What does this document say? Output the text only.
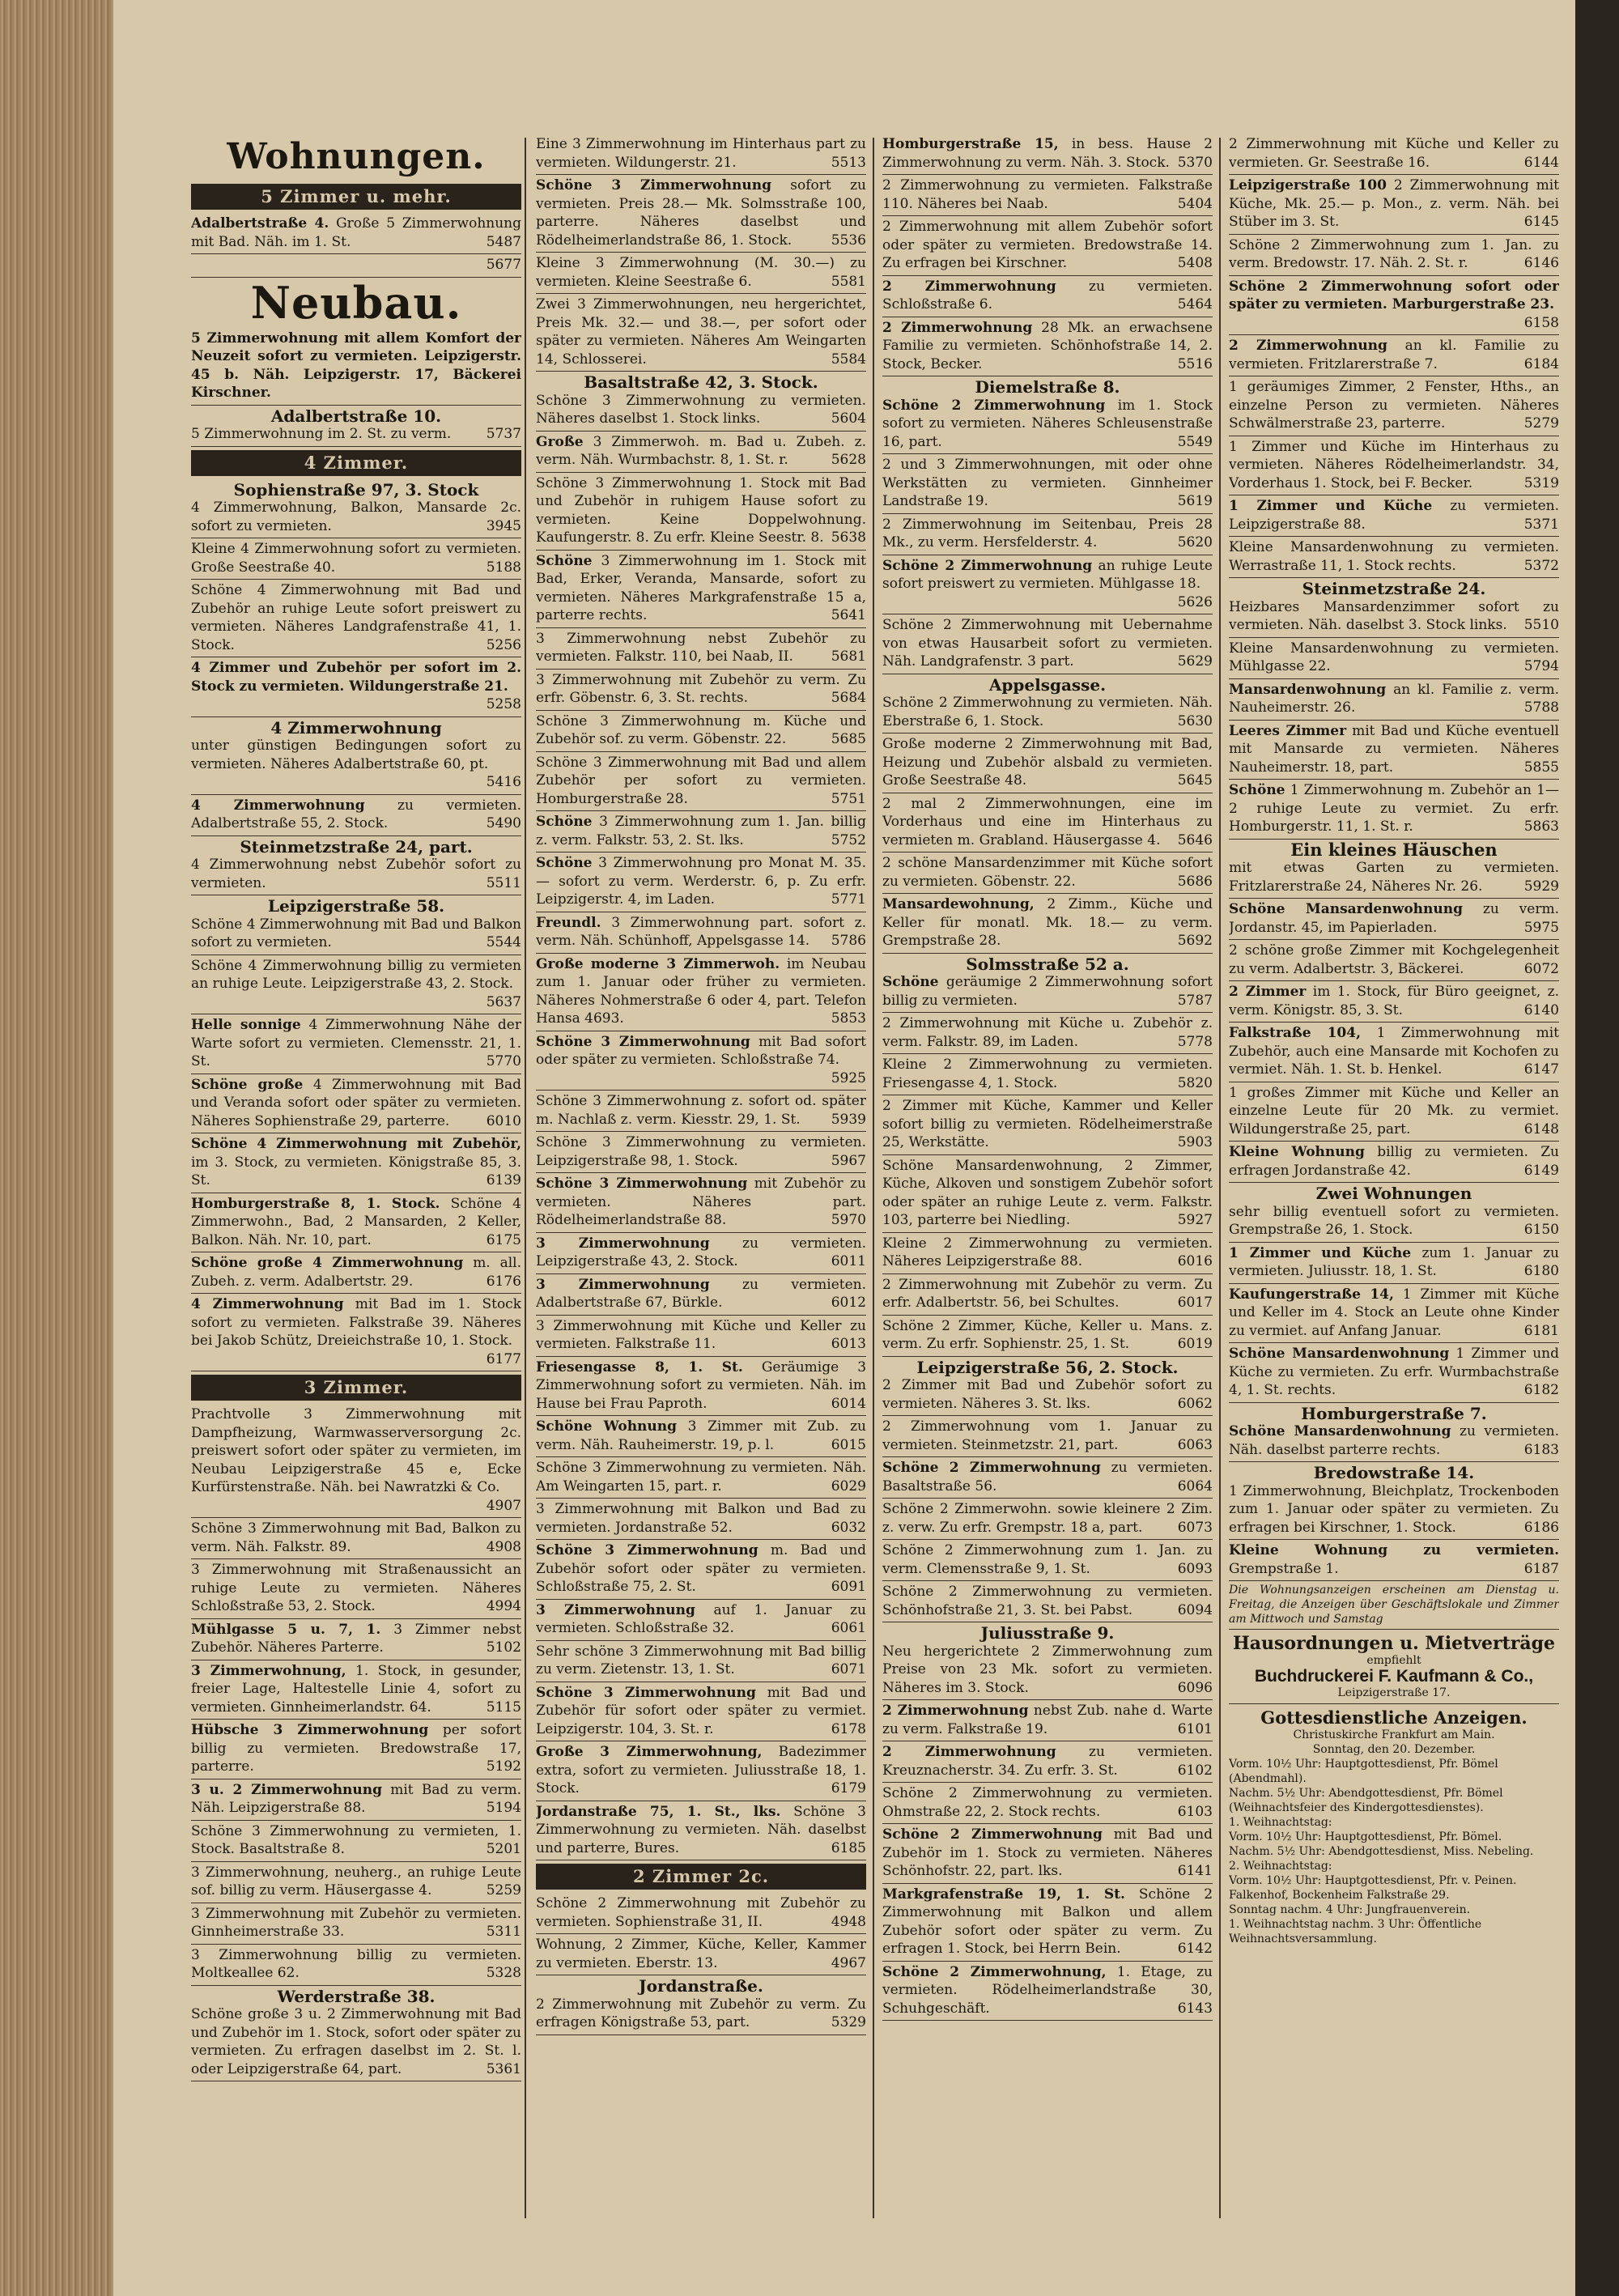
Wohnungen.
5 Zimmer u. mehr.
Adalbertstraße 4. Große 5 Zimmerwohnung mit Bad. Näh. im 1. St.	5487
5677
Neubau.
5 Zimmerwohnung mit allem Komfort der Neuzeit sofort zu vermieten. Leipzigerstr. 45 b. Näh. Leipzigerstr. 17, Bäckerei Kirschner.
Adalbertstraße 10.
5 Zimmerwohnung im 2. St. zu verm.	5737
4 Zimmer.
Sophienstraße 97, 3. Stock
4 Zimmerwohnung, Balkon, Mansarde 2c. sofort zu vermieten.	3945
Kleine 4 Zimmerwohnung sofort zu vermieten. Große Seestraße 40.	5188
Schöne 4 Zimmerwohnung mit Bad und Zubehör an ruhige Leute sofort preiswert zu vermieten. Näheres Landgrafenstraße 41, 1. Stock.	5256
4 Zimmer und Zubehör per sofort im 2. Stock zu vermieten. Wildungerstraße 21.
5258
4 Zimmerwohnung
unter günstigen Bedingungen sofort zu vermieten. Näheres Adalbertstraße 60, pt.
5416
4 Zimmerwohnung zu vermieten. Adalbertstraße 55, 2. Stock.	5490
Steinmetzstraße 24, part.
4 Zimmerwohnung nebst Zubehör sofort zu vermieten.	5511
Leipzigerstraße 58.
Schöne 4 Zimmerwohnung mit Bad und Balkon sofort zu vermieten.	5544
Schöne 4 Zimmerwohnung billig zu vermieten an ruhige Leute. Leipzigerstraße 43, 2. Stock.
5637
Helle sonnige 4 Zimmerwohnung Nähe der Warte sofort zu vermieten. Clemensstr. 21, 1. St.	5770
Schöne große 4 Zimmerwohnung mit Bad und Veranda sofort oder später zu vermieten. Näheres Sophienstraße 29, parterre.	6010
Schöne 4 Zimmerwohnung mit Zubehör, im 3. Stock, zu vermieten. Königstraße 85, 3. St.	6139
Homburgerstraße 8, 1. Stock. Schöne 4 Zimmerwohn., Bad, 2 Mansarden, 2 Keller, Balkon. Näh. Nr. 10, part.	6175
Schöne große 4 Zimmerwohnung m. all. Zubeh. z. verm. Adalbertstr. 29.	6176
4 Zimmerwohnung mit Bad im 1. Stock sofort zu vermieten. Falkstraße 39. Näheres bei Jakob Schütz, Dreieichstraße 10, 1. Stock.
6177
3 Zimmer.
Prachtvolle 3 Zimmerwohnung mit Dampfheizung, Warmwasserversorgung 2c. preiswert sofort oder später zu vermieten, im Neubau Leipzigerstraße 45 e, Ecke Kurfürstenstraße. Näh. bei Nawratzki & Co.
4907
Schöne 3 Zimmerwohnung mit Bad, Balkon zu verm. Näh. Falkstr. 89.	4908
3 Zimmerwohnung mit Straßenaussicht an ruhige Leute zu vermieten. Näheres Schloßstraße 53, 2. Stock.	4994
Mühlgasse 5 u. 7, 1. 3 Zimmer nebst Zubehör. Näheres Parterre.	5102
3 Zimmerwohnung, 1. Stock, in gesunder, freier Lage, Haltestelle Linie 4, sofort zu vermieten. Ginnheimerlandstr. 64.	5115
Hübsche 3 Zimmerwohnung per sofort billig zu vermieten. Bredowstraße 17, parterre.	5192
3 u. 2 Zimmerwohnung mit Bad zu verm. Näh. Leipzigerstraße 88.	5194
Schöne 3 Zimmerwohnung zu vermieten, 1. Stock. Basaltstraße 8.	5201
3 Zimmerwohnung, neuherg., an ruhige Leute sof. billig zu verm. Häusergasse 4.	5259
3 Zimmerwohnung mit Zubehör zu vermieten. Ginnheimerstraße 33.	5311
3 Zimmerwohnung billig zu vermieten. Moltkeallee 62.	5328
Werderstraße 38.
Schöne große 3 u. 2 Zimmerwohnung mit Bad und Zubehör im 1. Stock, sofort oder später zu vermieten. Zu erfragen daselbst im 2. St. l. oder Leipzigerstraße 64, part.	5361
Eine 3 Zimmerwohnung im Hinterhaus part zu vermieten. Wildungerstr. 21.	5513
Schöne 3 Zimmerwohnung sofort zu vermieten. Preis 28.— Mk. Solmsstraße 100, parterre. Näheres daselbst und Rödelheimerlandstraße 86, 1. Stock.	5536
Kleine 3 Zimmerwohnung (M. 30.—) zu vermieten. Kleine Seestraße 6.	5581
Zwei 3 Zimmerwohnungen, neu hergerichtet, Preis Mk. 32.— und 38.—, per sofort oder später zu vermieten. Näheres Am Weingarten 14, Schlosserei.	5584
Basaltstraße 42, 3. Stock.
Schöne 3 Zimmerwohnung zu vermieten. Näheres daselbst 1. Stock links.	5604
Große 3 Zimmerwoh. m. Bad u. Zubeh. z. verm. Näh. Wurmbachstr. 8, 1. St. r.	5628
Schöne 3 Zimmerwohnung 1. Stock mit Bad und Zubehör in ruhigem Hause sofort zu vermieten. Keine Doppelwohnung. Kaufungerstr. 8. Zu erfr. Kleine Seestr. 8. 5638
Schöne 3 Zimmerwohnung im 1. Stock mit Bad, Erker, Veranda, Mansarde, sofort zu vermieten. Näheres Markgrafenstraße 15 a, parterre rechts.	5641
3 Zimmerwohnung nebst Zubehör zu vermieten. Falkstr. 110, bei Naab, II.	5681
3 Zimmerwohnung mit Zubehör zu verm. Zu erfr. Göbenstr. 6, 3. St. rechts.	5684
Schöne 3 Zimmerwohnung m. Küche und Zubehör sof. zu verm. Göbenstr. 22.	5685
Schöne 3 Zimmerwohnung mit Bad und allem Zubehör per sofort zu vermieten. Homburgerstraße 28.	5751
Schöne 3 Zimmerwohnung zum 1. Jan. billig z. verm. Falkstr. 53, 2. St. lks.	5752
Schöne 3 Zimmerwohnung pro Monat M. 35.— sofort zu verm. Werderstr. 6, p. Zu erfr. Leipzigerstr. 4, im Laden.	5771
Freundl. 3 Zimmerwohnung part. sofort z. verm. Näh. Schünhoff, Appelsgasse 14.	5786
Große moderne 3 Zimmerwoh. im Neubau zum 1. Januar oder früher zu vermieten. Näheres Nohmerstraße 6 oder 4, part. Telefon Hansa 4693.	5853
Schöne 3 Zimmerwohnung mit Bad sofort oder später zu vermieten. Schloßstraße 74.
5925
Schöne 3 Zimmerwohnung z. sofort od. später m. Nachlaß z. verm. Kiesstr. 29, 1. St.	5939
Schöne 3 Zimmerwohnung zu vermieten. Leipzigerstraße 98, 1. Stock.	5967
Schöne 3 Zimmerwohnung mit Zubehör zu vermieten. Näheres part. Rödelheimerlandstraße 88.	5970
3 Zimmerwohnung zu vermieten. Leipzigerstraße 43, 2. Stock.	6011
3 Zimmerwohnung zu vermieten. Adalbertstraße 67, Bürkle.	6012
3 Zimmerwohnung mit Küche und Keller zu vermieten. Falkstraße 11.	6013
Friesengasse 8, 1. St. Geräumige 3 Zimmerwohnung sofort zu vermieten. Näh. im Hause bei Frau Paproth.	6014
Schöne Wohnung 3 Zimmer mit Zub. zu verm. Näh. Rauheimerstr. 19, p. l.	6015
Schöne 3 Zimmerwohnung zu vermieten. Näh. Am Weingarten 15, part. r.	6029
3 Zimmerwohnung mit Balkon und Bad zu vermieten. Jordanstraße 52.	6032
Schöne 3 Zimmerwohnung m. Bad und Zubehör sofort oder später zu vermieten. Schloßstraße 75, 2. St.	6091
3 Zimmerwohnung auf 1. Januar zu vermieten. Schloßstraße 32.	6061
Sehr schöne 3 Zimmerwohnung mit Bad billig zu verm. Zietenstr. 13, 1. St.	6071
Schöne 3 Zimmerwohnung mit Bad und Zubehör für sofort oder später zu vermiet. Leipzigerstr. 104, 3. St. r.	6178
Große 3 Zimmerwohnung, Badezimmer extra, sofort zu vermieten. Juliusstraße 18, 1. Stock.	6179
Jordanstraße 75, 1. St., lks. Schöne 3 Zimmerwohnung zu vermieten. Näh. daselbst und parterre, Bures.	6185
2 Zimmer 2c.
Schöne 2 Zimmerwohnung mit Zubehör zu vermieten. Sophienstraße 31, II.	4948
Wohnung, 2 Zimmer, Küche, Keller, Kammer zu vermieten. Eberstr. 13.	4967
Jordanstraße.
2 Zimmerwohnung mit Zubehör zu verm. Zu erfragen Königstraße 53, part.	5329
Homburgerstraße 15, in bess. Hause 2 Zimmerwohnung zu verm. Näh. 3. Stock. 5370
2 Zimmerwohnung zu vermieten. Falkstraße 110. Näheres bei Naab.	5404
2 Zimmerwohnung mit allem Zubehör sofort oder später zu vermieten. Bredowstraße 14. Zu erfragen bei Kirschner.	5408
2 Zimmerwohnung zu vermieten. Schloßstraße 6.	5464
2 Zimmerwohnung 28 Mk. an erwachsene Familie zu vermieten. Schönhofstraße 14, 2. Stock, Becker.	5516
Diemelstraße 8.
Schöne 2 Zimmerwohnung im 1. Stock sofort zu vermieten. Näheres Schleusenstraße 16, part.	5549
2 und 3 Zimmerwohnungen, mit oder ohne Werkstätten zu vermieten. Ginnheimer Landstraße 19.	5619
2 Zimmerwohnung im Seitenbau, Preis 28 Mk., zu verm. Hersfelderstr. 4.	5620
Schöne 2 Zimmerwohnung an ruhige Leute sofort preiswert zu vermieten. Mühlgasse 18.
5626
Schöne 2 Zimmerwohnung mit Uebernahme von etwas Hausarbeit sofort zu vermieten. Näh. Landgrafenstr. 3 part.	5629
Appelsgasse.
Schöne 2 Zimmerwohnung zu vermieten. Näh. Eberstraße 6, 1. Stock.	5630
Große moderne 2 Zimmerwohnung mit Bad, Heizung und Zubehör alsbald zu vermieten. Große Seestraße 48.	5645
2 mal 2 Zimmerwohnungen, eine im Vorderhaus und eine im Hinterhaus zu vermieten m. Grabland. Häusergasse 4.	5646
2 schöne Mansardenzimmer mit Küche sofort zu vermieten. Göbenstr. 22.	5686
Mansardewohnung, 2 Zimm., Küche und Keller für monatl. Mk. 18.— zu verm. Grempstraße 28.	5692
Solmsstraße 52 a.
Schöne geräumige 2 Zimmerwohnung sofort billig zu vermieten.	5787
2 Zimmerwohnung mit Küche u. Zubehör z. verm. Falkstr. 89, im Laden.	5778
Kleine 2 Zimmerwohnung zu vermieten. Friesengasse 4, 1. Stock.	5820
2 Zimmer mit Küche, Kammer und Keller sofort billig zu vermieten. Rödelheimerstraße 25, Werkstätte.	5903
Schöne Mansardenwohnung, 2 Zimmer, Küche, Alkoven und sonstigem Zubehör sofort oder später an ruhige Leute z. verm. Falkstr. 103, parterre bei Niedling.	5927
Kleine 2 Zimmerwohnung zu vermieten. Näheres Leipzigerstraße 88.	6016
2 Zimmerwohnung mit Zubehör zu verm. Zu erfr. Adalbertstr. 56, bei Schultes.	6017
Schöne 2 Zimmer, Küche, Keller u. Mans. z. verm. Zu erfr. Sophienstr. 25, 1. St.	6019
Leipzigerstraße 56, 2. Stock.
2 Zimmer mit Bad und Zubehör sofort zu vermieten. Näheres 3. St. lks.	6062
2 Zimmerwohnung vom 1. Januar zu vermieten. Steinmetzstr. 21, part.	6063
Schöne 2 Zimmerwohnung zu vermieten. Basaltstraße 56.	6064
Schöne 2 Zimmerwohn. sowie kleinere 2 Zim. z. verw. Zu erfr. Grempstr. 18 a, part.	6073
Schöne 2 Zimmerwohnung zum 1. Jan. zu verm. Clemensstraße 9, 1. St.	6093
Schöne 2 Zimmerwohnung zu vermieten. Schönhofstraße 21, 3. St. bei Pabst.	6094
Juliusstraße 9.
Neu hergerichtete 2 Zimmerwohnung zum Preise von 23 Mk. sofort zu vermieten. Näheres im 3. Stock.	6096
2 Zimmerwohnung nebst Zub. nahe d. Warte zu verm. Falkstraße 19.	6101
2 Zimmerwohnung zu vermieten. Kreuznacherstr. 34. Zu erfr. 3. St.	6102
Schöne 2 Zimmerwohnung zu vermieten. Ohmstraße 22, 2. Stock rechts.	6103
Schöne 2 Zimmerwohnung mit Bad und Zubehör im 1. Stock zu vermieten. Näheres Schönhofstr. 22, part. lks.	6141
Markgrafenstraße 19, 1. St. Schöne 2 Zimmerwohnung mit Balkon und allem Zubehör sofort oder später zu verm. Zu erfragen 1. Stock, bei Herrn Bein.	6142
Schöne 2 Zimmerwohnung, 1. Etage, zu vermieten. Rödelheimerlandstraße 30, Schuhgeschäft.	6143
2 Zimmerwohnung mit Küche und Keller zu vermieten. Gr. Seestraße 16.	6144
Leipzigerstraße 100 2 Zimmerwohnung mit Küche, Mk. 25.— p. Mon., z. verm. Näh. bei Stüber im 3. St.	6145
Schöne 2 Zimmerwohnung zum 1. Jan. zu verm. Bredowstr. 17. Näh. 2. St. r.	6146
Schöne 2 Zimmerwohnung sofort oder später zu vermieten. Marburgerstraße 23.
6158
2 Zimmerwohnung an kl. Familie zu vermieten. Fritzlarerstraße 7.	6184
1 geräumiges Zimmer, 2 Fenster, Hths., an einzelne Person zu vermieten. Näheres Schwälmerstraße 23, parterre.	5279
1 Zimmer und Küche im Hinterhaus zu vermieten. Näheres Rödelheimerlandstr. 34, Vorderhaus 1. Stock, bei F. Becker.	5319
1 Zimmer und Küche zu vermieten. Leipzigerstraße 88.	5371
Kleine Mansardenwohnung zu vermieten. Werrastraße 11, 1. Stock rechts.	5372
Steinmetzstraße 24.
Heizbares Mansardenzimmer sofort zu vermieten. Näh. daselbst 3. Stock links.	5510
Kleine Mansardenwohnung zu vermieten. Mühlgasse 22.	5794
Mansardenwohnung an kl. Familie z. verm. Nauheimerstr. 26.	5788
Leeres Zimmer mit Bad und Küche eventuell mit Mansarde zu vermieten. Näheres Nauheimerstr. 18, part.	5855
Schöne 1 Zimmerwohnung m. Zubehör an 1—2 ruhige Leute zu vermiet. Zu erfr. Homburgerstr. 11, 1. St. r.	5863
Ein kleines Häuschen
mit etwas Garten zu vermieten. Fritzlarerstraße 24, Näheres Nr. 26.	5929
Schöne Mansardenwohnung zu verm. Jordanstr. 45, im Papierladen.	5975
2 schöne große Zimmer mit Kochgelegenheit zu verm. Adalbertstr. 3, Bäckerei.	6072
2 Zimmer im 1. Stock, für Büro geeignet, z. verm. Königstr. 85, 3. St.	6140
Falkstraße 104, 1 Zimmerwohnung mit Zubehör, auch eine Mansarde mit Kochofen zu vermiet. Näh. 1. St. b. Henkel.	6147
1 großes Zimmer mit Küche und Keller an einzelne Leute für 20 Mk. zu vermiet. Wildungerstraße 25, part.	6148
Kleine Wohnung billig zu vermieten. Zu erfragen Jordanstraße 42.	6149
Zwei Wohnungen
sehr billig eventuell sofort zu vermieten. Grempstraße 26, 1. Stock.	6150
1 Zimmer und Küche zum 1. Januar zu vermieten. Juliusstr. 18, 1. St.	6180
Kaufungerstraße 14, 1 Zimmer mit Küche und Keller im 4. Stock an Leute ohne Kinder zu vermiet. auf Anfang Januar.	6181
Schöne Mansardenwohnung 1 Zimmer und Küche zu vermieten. Zu erfr. Wurmbachstraße 4, 1. St. rechts.	6182
Homburgerstraße 7.
Schöne Mansardenwohnung zu vermieten. Näh. daselbst parterre rechts.	6183
Bredowstraße 14.
1 Zimmerwohnung, Bleichplatz, Trockenboden zum 1. Januar oder später zu vermieten. Zu erfragen bei Kirschner, 1. Stock.	6186
Kleine Wohnung zu vermieten. Grempstraße 1.	6187
Die Wohnungsanzeigen erscheinen am Dienstag u. Freitag, die Anzeigen über Geschäftslokale und Zimmer am Mittwoch und Samstag
Hausordnungen u. Mietverträge
empfiehlt
Buchdruckerei F. Kaufmann & Co.,
Leipzigerstraße 17.
Gottesdienstliche Anzeigen.
Christuskirche Frankfurt am Main.
Sonntag, den 20. Dezember.
Vorm. 10½ Uhr: Hauptgottesdienst, Pfr. Bömel (Abendmahl).
Nachm. 5½ Uhr: Abendgottesdienst, Pfr. Bömel (Weihnachtsfeier des Kindergottesdienstes).
1. Weihnachtstag:
Vorm. 10½ Uhr: Hauptgottesdienst, Pfr. Bömel.
Nachm. 5½ Uhr: Abendgottesdienst, Miss. Nebeling.
2. Weihnachtstag:
Vorm. 10½ Uhr: Hauptgottesdienst, Pfr. v. Peinen.
Falkenhof, Bockenheim Falkstraße 29.
Sonntag nachm. 4 Uhr: Jungfrauenverein.
1. Weihnachtstag nachm. 3 Uhr: Öffentliche Weihnachtsversammlung.
